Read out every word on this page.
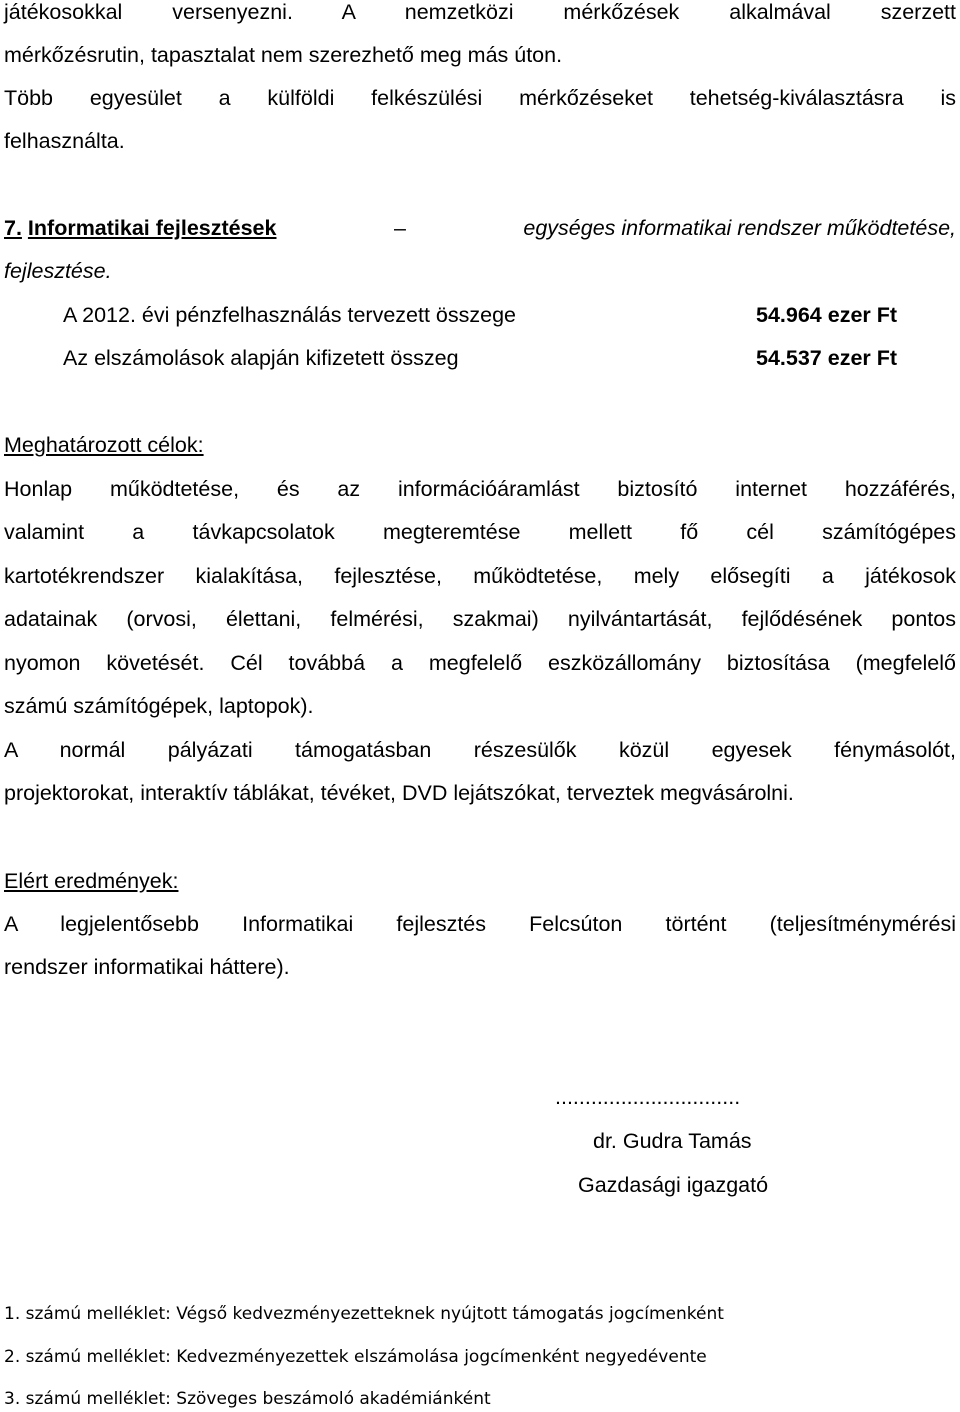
játékosokkal versenyezni. A nemzetközi mérkőzések alkalmával szerzett
mérkőzésrutin, tapasztalat nem szerezhető meg más úton.
Több egyesület a külföldi felkészülési mérkőzéseket tehetség-kiválasztásra is
felhasználta.
7. Informatikai fejlesztések	–	egységes informatikai rendszer működtetése,
fejlesztése.
A 2012. évi pénzfelhasználás tervezett összege	54.964 ezer Ft
Az elszámolások alapján kifizetett összeg	54.537 ezer Ft
Meghatározott célok:
Honlap működtetése, és az információáramlást biztosító internet hozzáférés,
valamint a távkapcsolatok megteremtése mellett fő cél számítógépes
kartotékrendszer kialakítása, fejlesztése, működtetése, mely elősegíti a játékosok
adatainak (orvosi, élettani, felmérési, szakmai) nyilvántartását, fejlődésének pontos
nyomon követését. Cél továbbá a megfelelő eszközállomány biztosítása (megfelelő
számú számítógépek, laptopok).
A normál pályázati támogatásban részesülők közül egyesek fénymásolót,
projektorokat, interaktív táblákat, tévéket, DVD lejátszókat, terveztek megvásárolni.
Elért eredmények:
A legjelentősebb Informatikai fejlesztés Felcsúton történt (teljesítménymérési
rendszer informatikai háttere).
...............................
dr. Gudra Tamás
Gazdasági igazgató
1. számú melléklet: Végső kedvezményezetteknek nyújtott támogatás jogcímenként
2. számú melléklet: Kedvezményezettek elszámolása jogcímenként negyedévente
3. számú melléklet: Szöveges beszámoló akadémiánként
